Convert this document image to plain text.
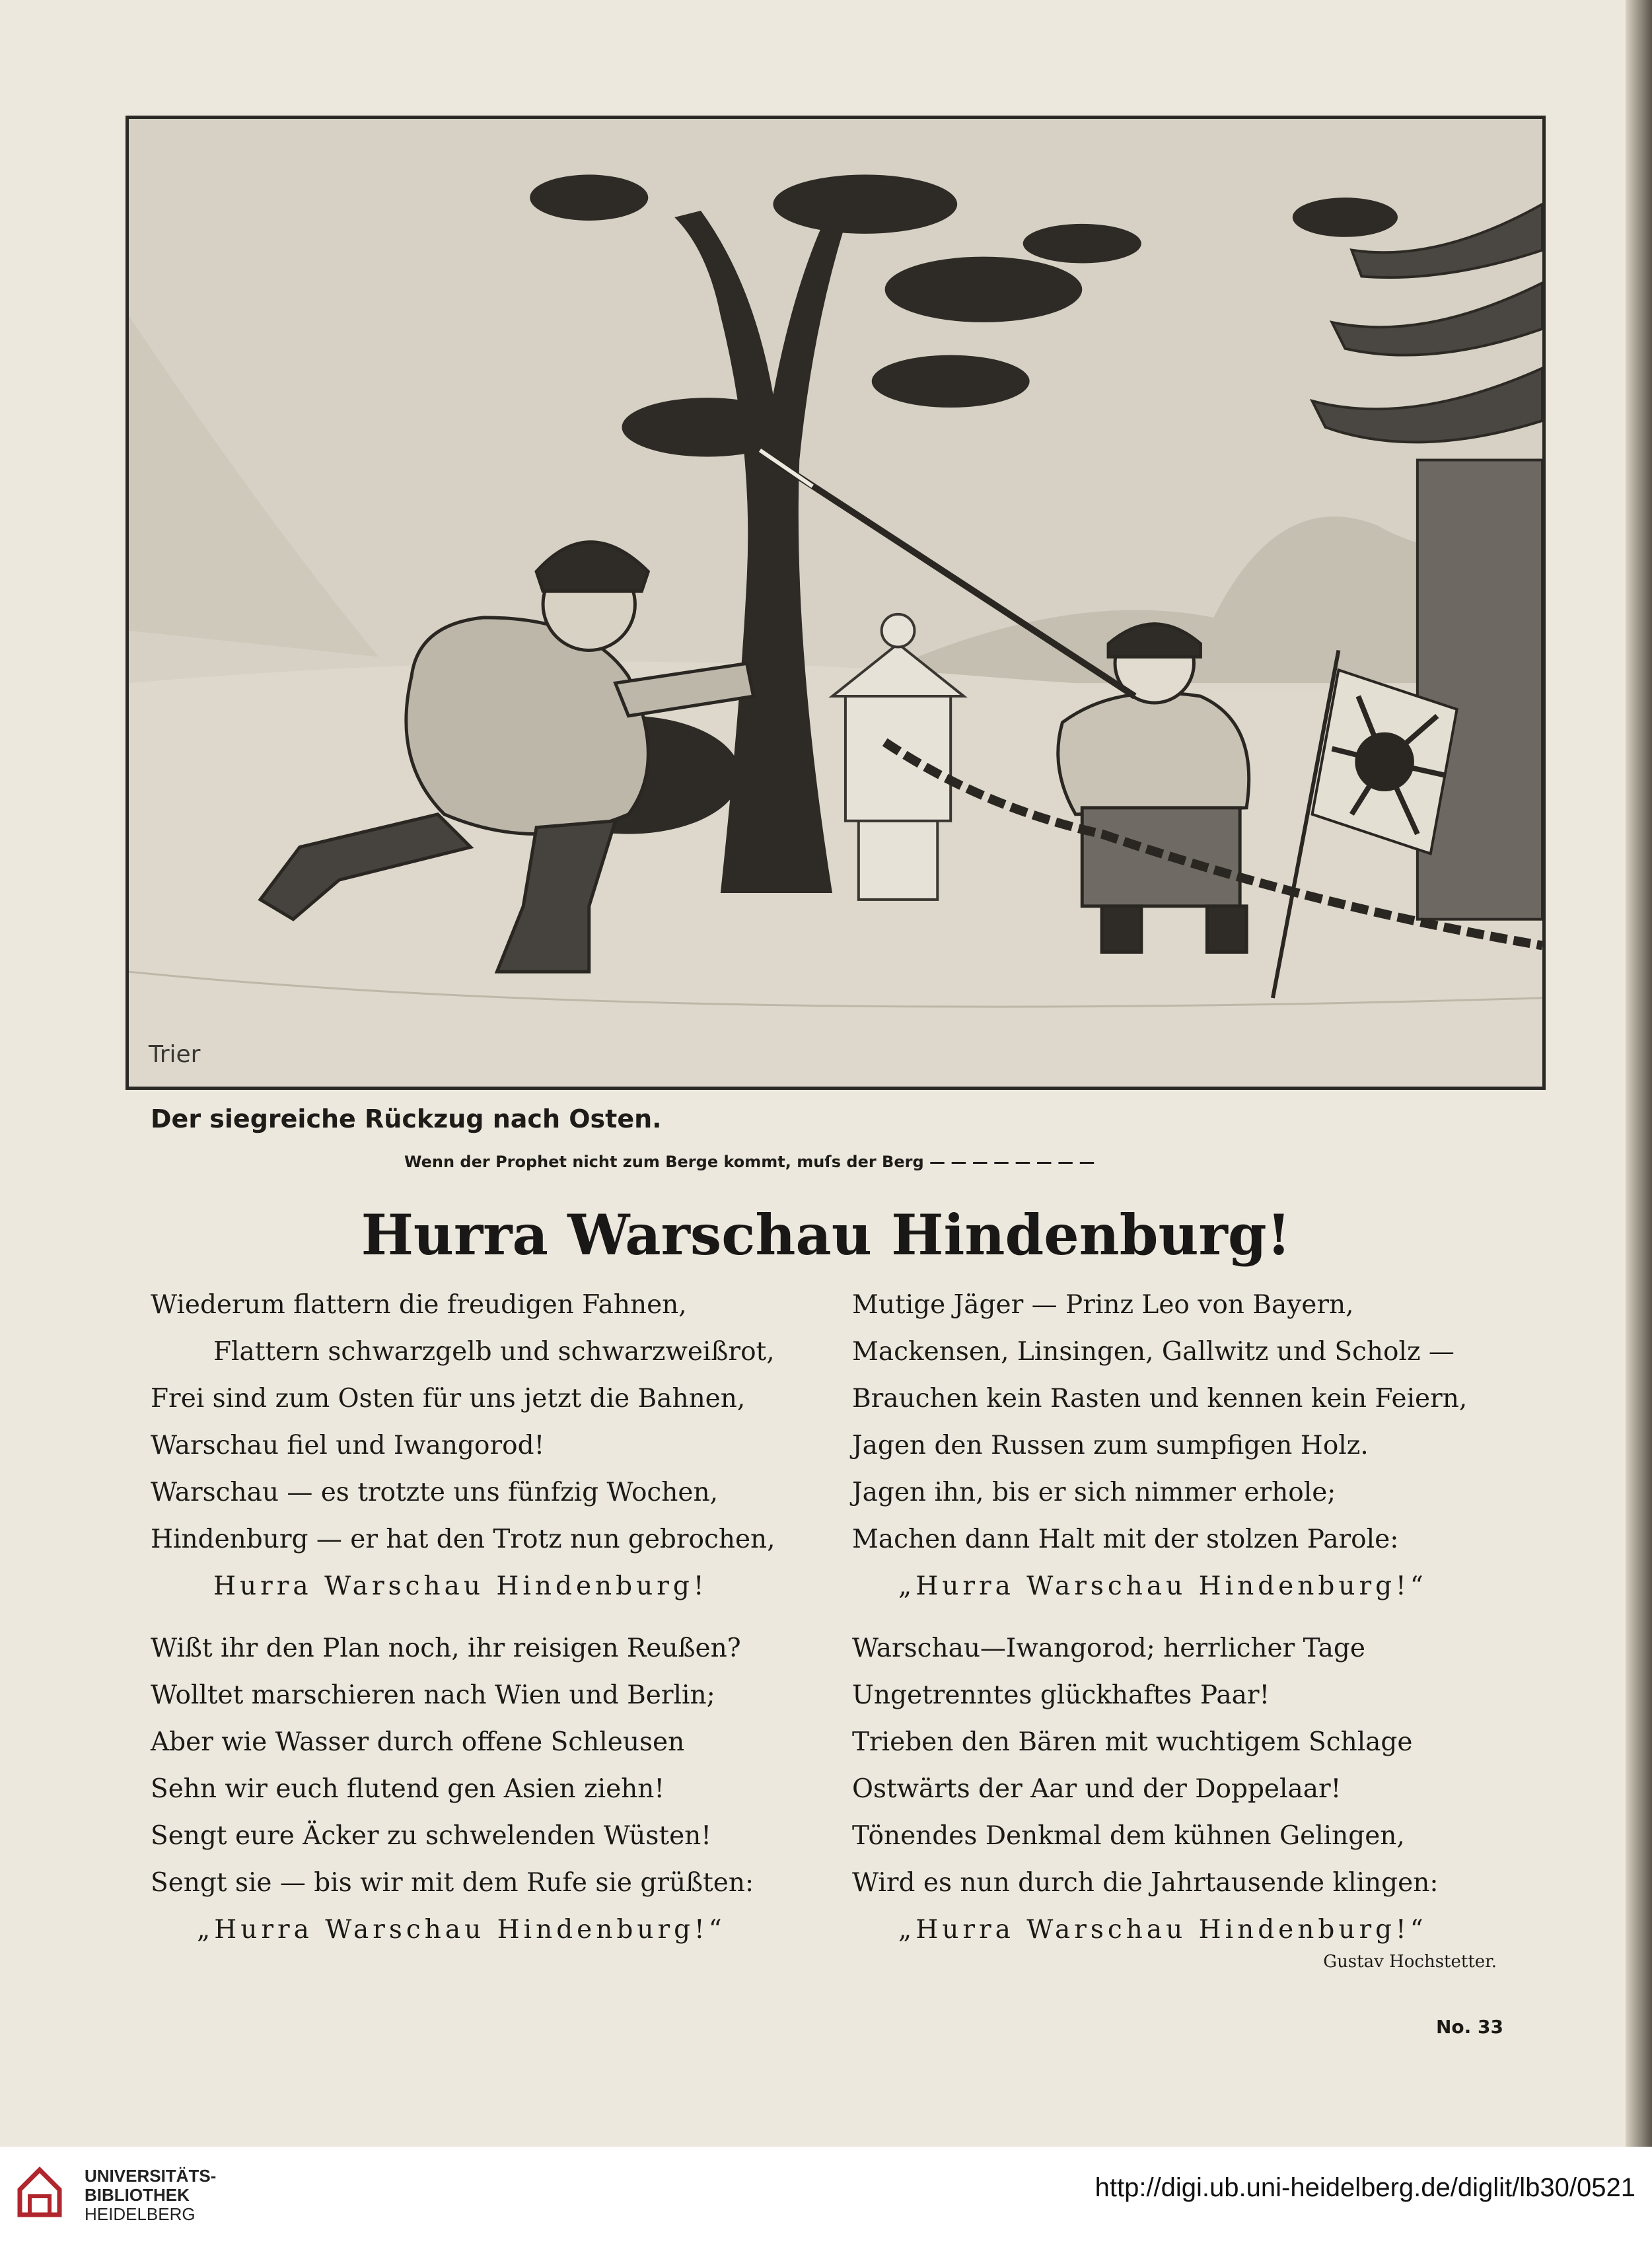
Trier
Der siegreiche Rückzug nach Osten.
Wenn der Prophet nicht zum Berge kommt, muſs der Berg — — — — — — — —
Hurra Warschau Hindenburg!
Wiederum flattern die freudigen Fahnen,
Flattern schwarzgelb und schwarzweißrot,
Frei sind zum Osten für uns jetzt die Bahnen,
Warschau fiel und Iwangorod!
Warschau — es trotzte uns fünfzig Wochen,
Hindenburg — er hat den Trotz nun gebrochen,
Hurra Warschau Hindenburg!
Wißt ihr den Plan noch, ihr reisigen Reußen?
Wolltet marschieren nach Wien und Berlin;
Aber wie Wasser durch offene Schleusen
Sehn wir euch flutend gen Asien ziehn!
Sengt eure Äcker zu schwelenden Wüsten!
Sengt sie — bis wir mit dem Rufe sie grüßten:
„Hurra Warschau Hindenburg!“
Mutige Jäger — Prinz Leo von Bayern,
Mackensen, Linsingen, Gallwitz und Scholz —
Brauchen kein Rasten und kennen kein Feiern,
Jagen den Russen zum sumpfigen Holz.
Jagen ihn, bis er sich nimmer erhole;
Machen dann Halt mit der stolzen Parole:
„Hurra Warschau Hindenburg!“
Warschau—Iwangorod; herrlicher Tage
Ungetrenntes glückhaftes Paar!
Trieben den Bären mit wuchtigem Schlage
Ostwärts der Aar und der Doppelaar!
Tönendes Denkmal dem kühnen Gelingen,
Wird es nun durch die Jahrtausende klingen:
„Hurra Warschau Hindenburg!“
Gustav Hochstetter.
No. 33
UNIVERSITÄTS-
BIBLIOTHEK
HEIDELBERG
http://digi.ub.uni-heidelberg.de/diglit/lb30/0521
